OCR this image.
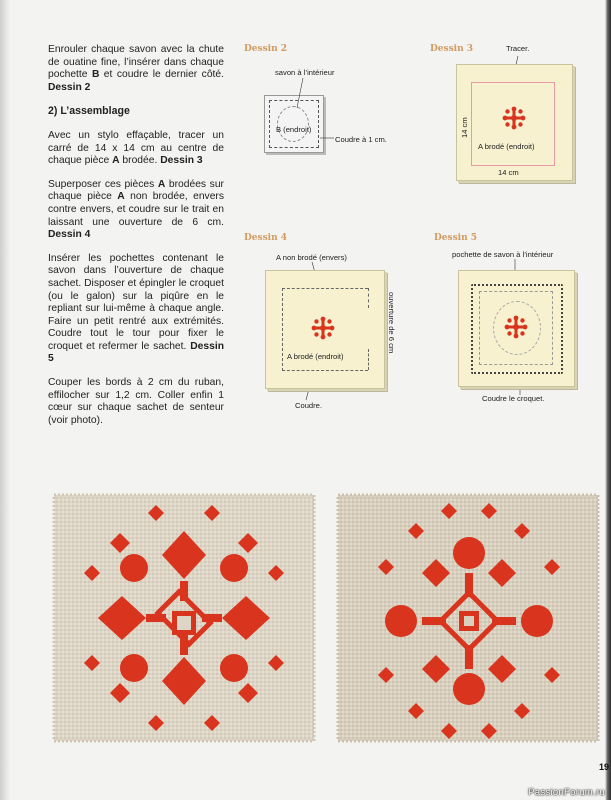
Enrouler chaque savon avec la chute de ouatine fine, l’insérer dans chaque pochette B et coudre le dernier côté. Dessin 2

2) L’assemblage

Avec un stylo effaçable, tracer un carré de 14 x 14 cm au centre de chaque pièce A brodée. Dessin 3

Superposer ces pièces A brodées sur chaque pièce A non brodée, envers contre envers, et coudre sur le trait en laissant une ouverture de 6 cm. Dessin 4

Insérer les pochettes contenant le savon dans l’ouverture de chaque sachet. Disposer et épingler le croquet (ou le galon) sur la piqûre en le repliant sur lui-même à chaque angle. Faire un petit rentré aux extrémités. Coudre tout le tour pour fixer le croquet et refermer le sachet. Dessin 5

Couper les bords à 2 cm du ruban, effilocher sur 1,2 cm. Coller enfin 1 cœur sur chaque sachet de senteur (voir photo).

Dessin 2
savon à l’intérieur
B (endroit)
Coudre à 1 cm.
Dessin 3	Tracer.
A brodé (endroit)
14 cm
14 cm
Dessin 4
A non brodé (envers)
A brodé (endroit)
ouverture de 6 cm
Coudre.
Dessin 5
pochette de savon à l’intérieur
Coudre le croquet.
19
PassionForum.ru
